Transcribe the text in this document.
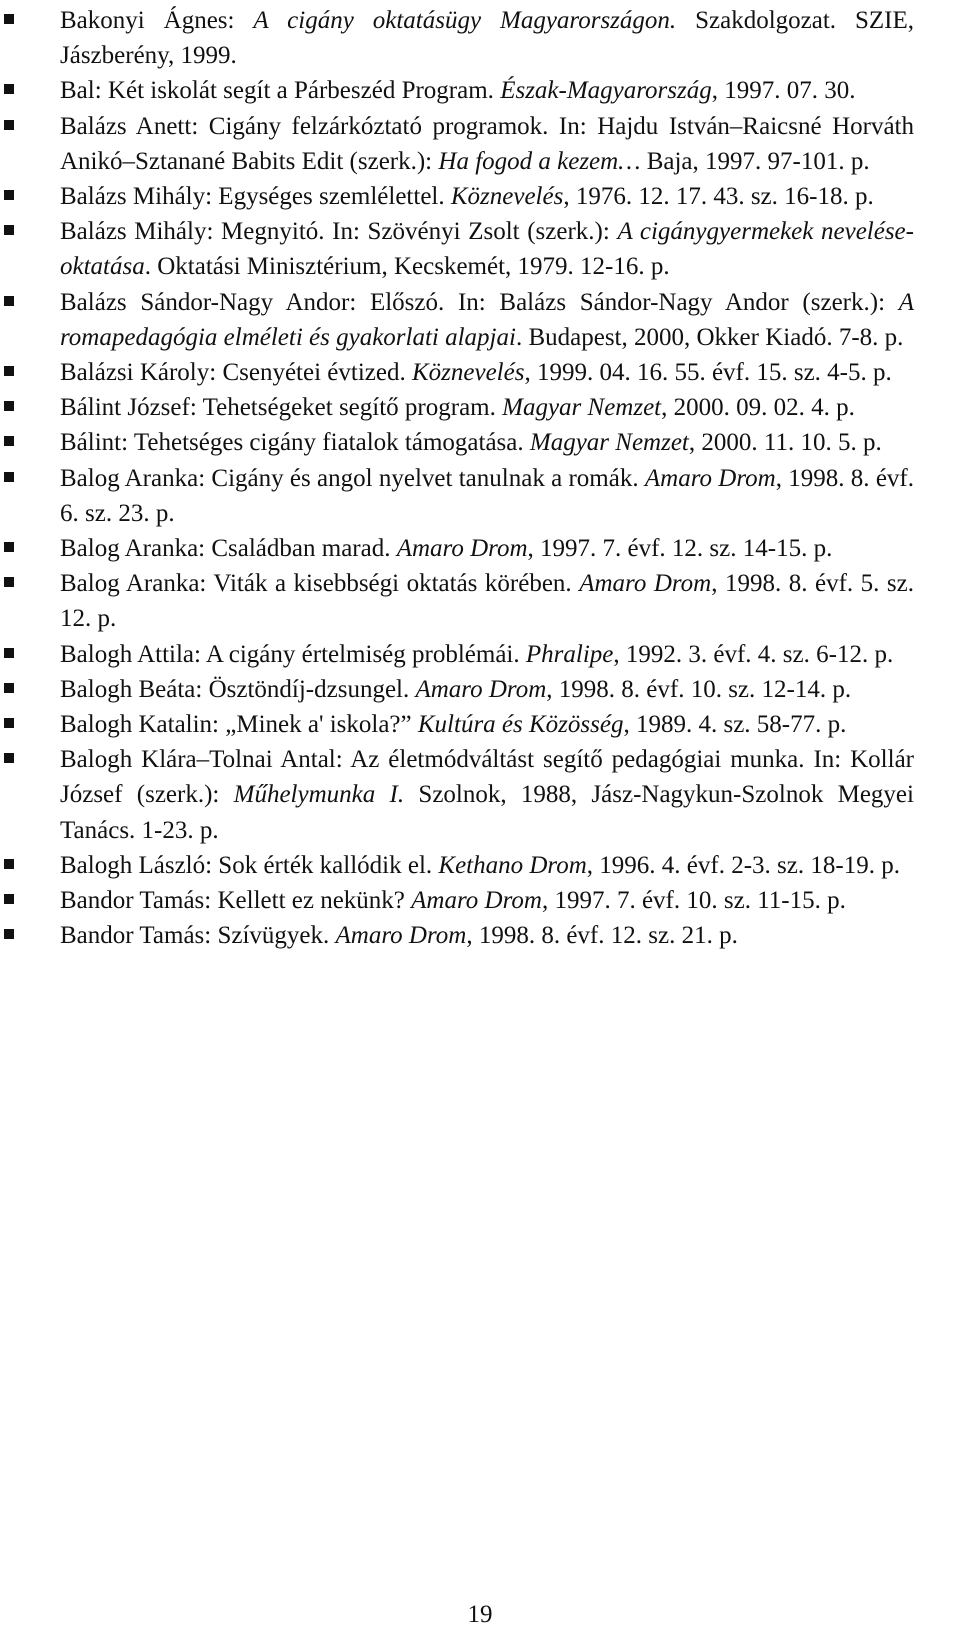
Bakonyi Ágnes: A cigány oktatásügy Magyarországon. Szakdolgozat. SZIE, Jászberény, 1999.
Bal: Két iskolát segít a Párbeszéd Program. Észak-Magyarország, 1997. 07. 30.
Balázs Anett: Cigány felzárkóztató programok. In: Hajdu István–Raicsné Horváth Anikó–Sztanané Babits Edit (szerk.): Ha fogod a kezem… Baja, 1997. 97-101. p.
Balázs Mihály: Egységes szemlélettel. Köznevelés, 1976. 12. 17. 43. sz. 16-18. p.
Balázs Mihály: Megnyitó. In: Szövényi Zsolt (szerk.): A cigánygyermekek nevelése-oktatása. Oktatási Minisztérium, Kecskemét, 1979. 12-16. p.
Balázs Sándor-Nagy Andor: Előszó. In: Balázs Sándor-Nagy Andor (szerk.): A romapedagógia elméleti és gyakorlati alapjai. Budapest, 2000, Okker Kiadó. 7-8. p.
Balázsi Károly: Csenyétei évtized. Köznevelés, 1999. 04. 16. 55. évf. 15. sz. 4-5. p.
Bálint József: Tehetségeket segítő program. Magyar Nemzet, 2000. 09. 02. 4. p.
Bálint: Tehetséges cigány fiatalok támogatása. Magyar Nemzet, 2000. 11. 10. 5. p.
Balog Aranka: Cigány és angol nyelvet tanulnak a romák. Amaro Drom, 1998. 8. évf. 6. sz. 23. p.
Balog Aranka: Családban marad. Amaro Drom, 1997. 7. évf. 12. sz. 14-15. p.
Balog Aranka: Viták a kisebbségi oktatás körében. Amaro Drom, 1998. 8. évf. 5. sz. 12. p.
Balogh Attila: A cigány értelmiség problémái. Phralipe, 1992. 3. évf. 4. sz. 6-12. p.
Balogh Beáta: Ösztöndíj-dzsungel. Amaro Drom, 1998. 8. évf. 10. sz. 12-14. p.
Balogh Katalin: „Minek a' iskola?” Kultúra és Közösség, 1989. 4. sz. 58-77. p.
Balogh Klára–Tolnai Antal: Az életmódváltást segítő pedagógiai munka. In: Kollár József (szerk.): Műhelymunka I. Szolnok, 1988, Jász-Nagykun-Szolnok Megyei Tanács. 1-23. p.
Balogh László: Sok érték kallódik el. Kethano Drom, 1996. 4. évf. 2-3. sz. 18-19. p.
Bandor Tamás: Kellett ez nekünk? Amaro Drom, 1997. 7. évf. 10. sz. 11-15. p.
Bandor Tamás: Szívügyek. Amaro Drom, 1998. 8. évf. 12. sz. 21. p.
19
